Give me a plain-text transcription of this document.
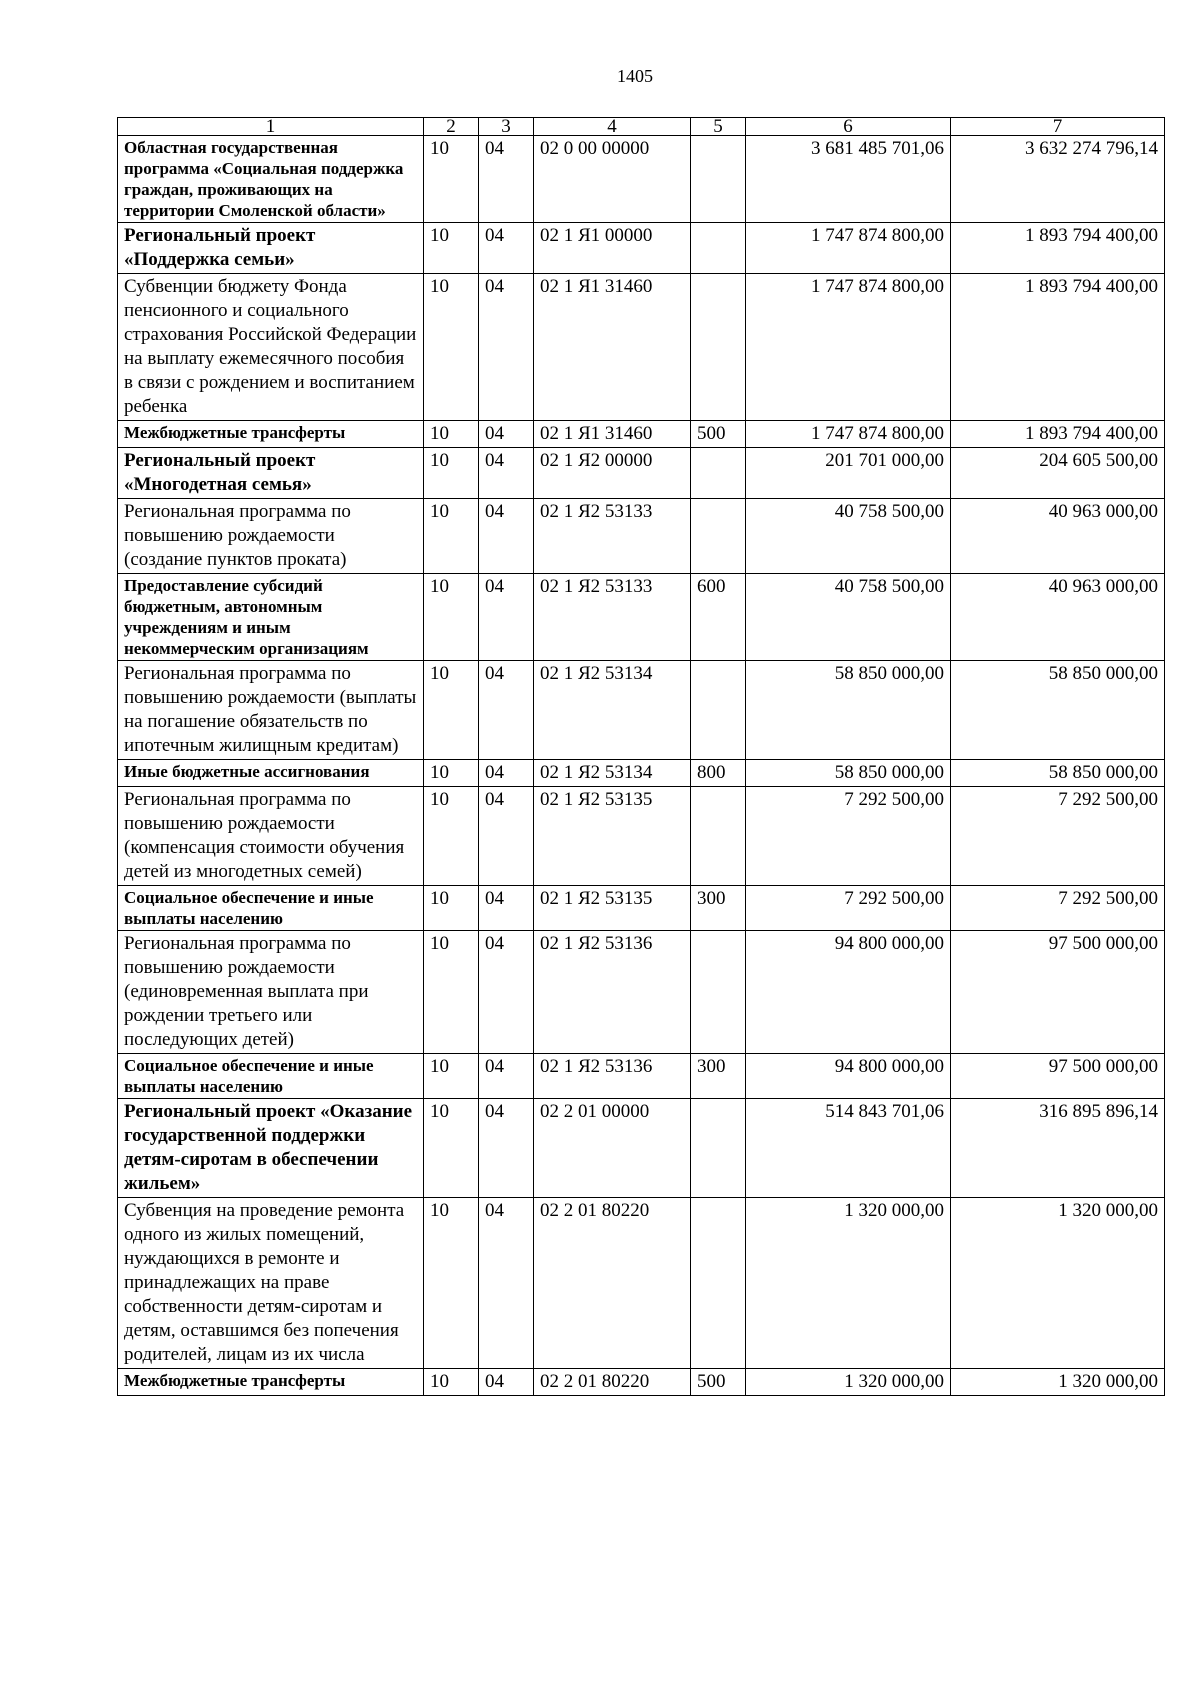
1405
1	2	3	4	5	6	7
Областная государственная программа «Социальная поддержка граждан, проживающих на территории Смоленской области»	10	04	02 0 00 00000		3 681 485 701,06	3 632 274 796,14
Региональный проект «Поддержка семьи»	10	04	02 1 Я1 00000		1 747 874 800,00	1 893 794 400,00
Субвенции бюджету Фонда пенсионного и социального страхования Российской Федерации на выплату ежемесячного пособия в связи с рождением и воспитанием ребенка	10	04	02 1 Я1 31460		1 747 874 800,00	1 893 794 400,00
Межбюджетные трансферты	10	04	02 1 Я1 31460	500	1 747 874 800,00	1 893 794 400,00
Региональный проект «Многодетная семья»	10	04	02 1 Я2 00000		201 701 000,00	204 605 500,00
Региональная программа по повышению рождаемости (создание пунктов проката)	10	04	02 1 Я2 53133		40 758 500,00	40 963 000,00
Предоставление субсидий бюджетным, автономным учреждениям и иным некоммерческим организациям	10	04	02 1 Я2 53133	600	40 758 500,00	40 963 000,00
Региональная программа по повышению рождаемости (выплаты на погашение обязательств по ипотечным жилищным кредитам)	10	04	02 1 Я2 53134		58 850 000,00	58 850 000,00
Иные бюджетные ассигнования	10	04	02 1 Я2 53134	800	58 850 000,00	58 850 000,00
Региональная программа по повышению рождаемости (компенсация стоимости обучения детей из многодетных семей)	10	04	02 1 Я2 53135		7 292 500,00	7 292 500,00
Социальное обеспечение и иные выплаты населению	10	04	02 1 Я2 53135	300	7 292 500,00	7 292 500,00
Региональная программа по повышению рождаемости (единовременная выплата при рождении третьего или последующих детей)	10	04	02 1 Я2 53136		94 800 000,00	97 500 000,00
Социальное обеспечение и иные выплаты населению	10	04	02 1 Я2 53136	300	94 800 000,00	97 500 000,00
Региональный проект «Оказание государственной поддержки детям-сиротам в обеспечении жильем»	10	04	02 2 01 00000		514 843 701,06	316 895 896,14
Субвенция на проведение ремонта одного из жилых помещений, нуждающихся в ремонте и принадлежащих на праве собственности детям-сиротам и детям, оставшимся без попечения родителей, лицам из их числа	10	04	02 2 01 80220		1 320 000,00	1 320 000,00
Межбюджетные трансферты	10	04	02 2 01 80220	500	1 320 000,00	1 320 000,00
